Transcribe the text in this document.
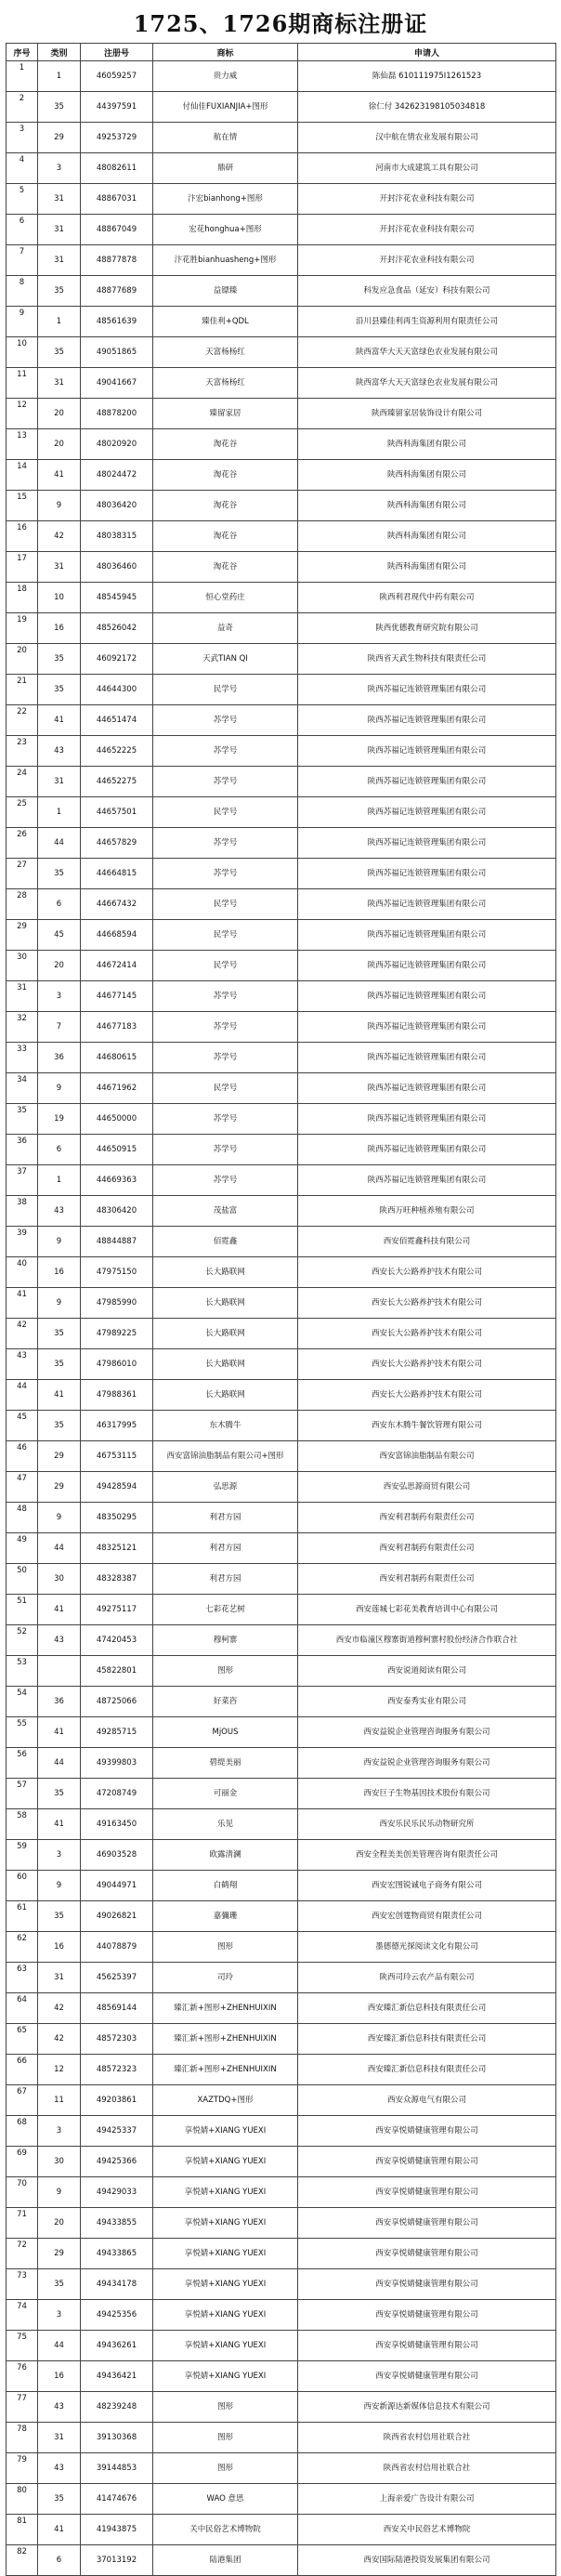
1725、1726期商标注册证
序号	类别	注册号	商标	申请人
1	1	46059257	贵力威	陈仙磊 610111975I1261523
2	35	44397591	付仙佳FUXIANJIA+图形	徐仁付 342623198105034818
3	29	49253729	航在情	汉中航在情农业发展有限公司
4	3	48082611	鼎研	河南市大成建筑工具有限公司
5	31	48867031	汴宏bianhong+图形	开封汴花农业科技有限公司
6	31	48867049	宏花honghua+图形	开封汴花农业科技有限公司
7	31	48877878	汴花胜bianhuasheng+图形	开封汴花农业科技有限公司
8	35	48877689	益镖臻	科发应急食品（延安）科技有限公司
9	1	48561639	臻佳利+QDL	沿川县臻佳利再生资源利用有限责任公司
10	35	49051865	天富杨杨红	陕西富华大天天富绿色农业发展有限公司
11	31	49041667	天富杨杨红	陕西富华大天天富绿色农业发展有限公司
12	20	48878200	臻留家居	陕西臻留家居装饰设计有限公司
13	20	48020920	淘花谷	陕西科海集团有限公司
14	41	48024472	淘花谷	陕西科海集团有限公司
15	9	48036420	淘花谷	陕西科海集团有限公司
16	42	48038315	淘花谷	陕西科海集团有限公司
17	31	48036460	淘花谷	陕西科海集团有限公司
18	10	48545945	恒心堂药庄	陕西利君现代中药有限公司
19	16	48526042	益奇	陕西优德教育研究院有限公司
20	35	46092172	天武TIAN QI	陕西省天武生物科技有限责任公司
21	35	44644300	民学号	陕西苏福记连锁管理集团有限公司
22	41	44651474	苏学号	陕西苏福记连锁管理集团有限公司
23	43	44652225	苏学号	陕西苏福记连锁管理集团有限公司
24	31	44652275	苏学号	陕西苏福记连锁管理集团有限公司
25	1	44657501	民学号	陕西苏福记连锁管理集团有限公司
26	44	44657829	苏学号	陕西苏福记连锁管理集团有限公司
27	35	44664815	苏学号	陕西苏福记连锁管理集团有限公司
28	6	44667432	民学号	陕西苏福记连锁管理集团有限公司
29	45	44668594	民学号	陕西苏福记连锁管理集团有限公司
30	20	44672414	民学号	陕西苏福记连锁管理集团有限公司
31	3	44677145	苏学号	陕西苏福记连锁管理集团有限公司
32	7	44677183	苏学号	陕西苏福记连锁管理集团有限公司
33	36	44680615	苏学号	陕西苏福记连锁管理集团有限公司
34	9	44671962	民学号	陕西苏福记连锁管理集团有限公司
35	19	44650000	苏学号	陕西苏福记连锁管理集团有限公司
36	6	44650915	苏学号	陕西苏福记连锁管理集团有限公司
37	1	44669363	苏学号	陕西苏福记连锁管理集团有限公司
38	43	48306420	茂盐富	陕西万旺种植养殖有限公司
39	9	48844887	佰霓鑫	西安佰霓鑫科技有限公司
40	16	47975150	长大路联网	西安长大公路养护技术有限公司
41	9	47985990	长大路联网	西安长大公路养护技术有限公司
42	35	47989225	长大路联网	西安长大公路养护技术有限公司
43	35	47986010	长大路联网	西安长大公路养护技术有限公司
44	41	47988361	长大路联网	西安长大公路养护技术有限公司
45	35	46317995	东木腾牛	西安东木腾牛餐饮管理有限公司
46	29	46753115	西安富锦油脂制品有限公司+图形	西安富锦油脂制品有限公司
47	29	49428594	弘思源	西安弘思源商贸有限公司
48	9	48350295	利君方园	西安利君制药有限责任公司
49	44	48325121	利君方园	西安利君制药有限责任公司
50	30	48328387	利君方园	西安利君制药有限责任公司
51	41	49275117	七彩花艺树	西安莲城七彩花美教育培训中心有限公司
52	43	47420453	穆柯寨	西安市临潼区穆寨街道穆柯寨村股份经济合作联合社
53		45822801	图形	西安说道阅读有限公司
54	36	48725066	好菜咨	西安泰秀实业有限公司
55	41	49285715	MjOUS	西安益锐企业管理咨询服务有限公司
56	44	49399803	碧缇美丽	西安益锐企业管理咨询服务有限公司
57	35	47208749	可丽金	西安巨子生物基因技术股份有限公司
58	41	49163450	乐见	西安乐民乐民乐动物研究所
59	3	46903528	欧露清澜	西安全程美美创美管理咨询有限责任公司
60	9	49044971	白鹤翔	西安宏图锐诚电子商务有限公司
61	35	49026821	嘉彌珊	西安宏创霆物商贸有限责任公司
62	16	44078879	图形	墨德德光探阅读文化有限公司
63	31	45625397	司玲	陕西司玲云农产品有限公司
64	42	48569144	臻汇新+图形+ZHENHUIXIN	西安臻汇新信息科技有限责任公司
65	42	48572303	臻汇新+图形+ZHENHUIXIN	西安臻汇新信息科技有限责任公司
66	12	48572323	臻汇新+图形+ZHENHUIXIN	西安臻汇新信息科技有限责任公司
67	11	49203861	XAZTDQ+图形	西安众源电气有限公司
68	3	49425337	享悦婧+XIANG YUEXI	西安享悦婧健康管理有限公司
69	30	49425366	享悦婧+XIANG YUEXI	西安享悦婧健康管理有限公司
70	9	49429033	享悦婧+XIANG YUEXI	西安享悦婧健康管理有限公司
71	20	49433855	享悦婧+XIANG YUEXI	西安享悦婧健康管理有限公司
72	29	49433865	享悦婧+XIANG YUEXI	西安享悦婧健康管理有限公司
73	35	49434178	享悦婧+XIANG YUEXI	西安享悦婧健康管理有限公司
74	3	49425356	享悦婧+XIANG YUEXI	西安享悦婧健康管理有限公司
75	44	49436261	享悦婧+XIANG YUEXI	西安享悦婧健康管理有限公司
76	16	49436421	享悦婧+XIANG YUEXI	西安享悦婧健康管理有限公司
77	43	48239248	图形	西安新源达新媒体信息技术有限公司
78	31	39130368	图形	陕西省农村信用社联合社
79	43	39144853	图形	陕西省农村信用社联合社
80	35	41474676	WAO 意思	上海亲爱广告设计有限公司
81	41	41943875	关中民俗艺术博物院	西安关中民俗艺术博物院
82	6	37013192	陆港集团	西安国际陆港投资发展集团有限公司
